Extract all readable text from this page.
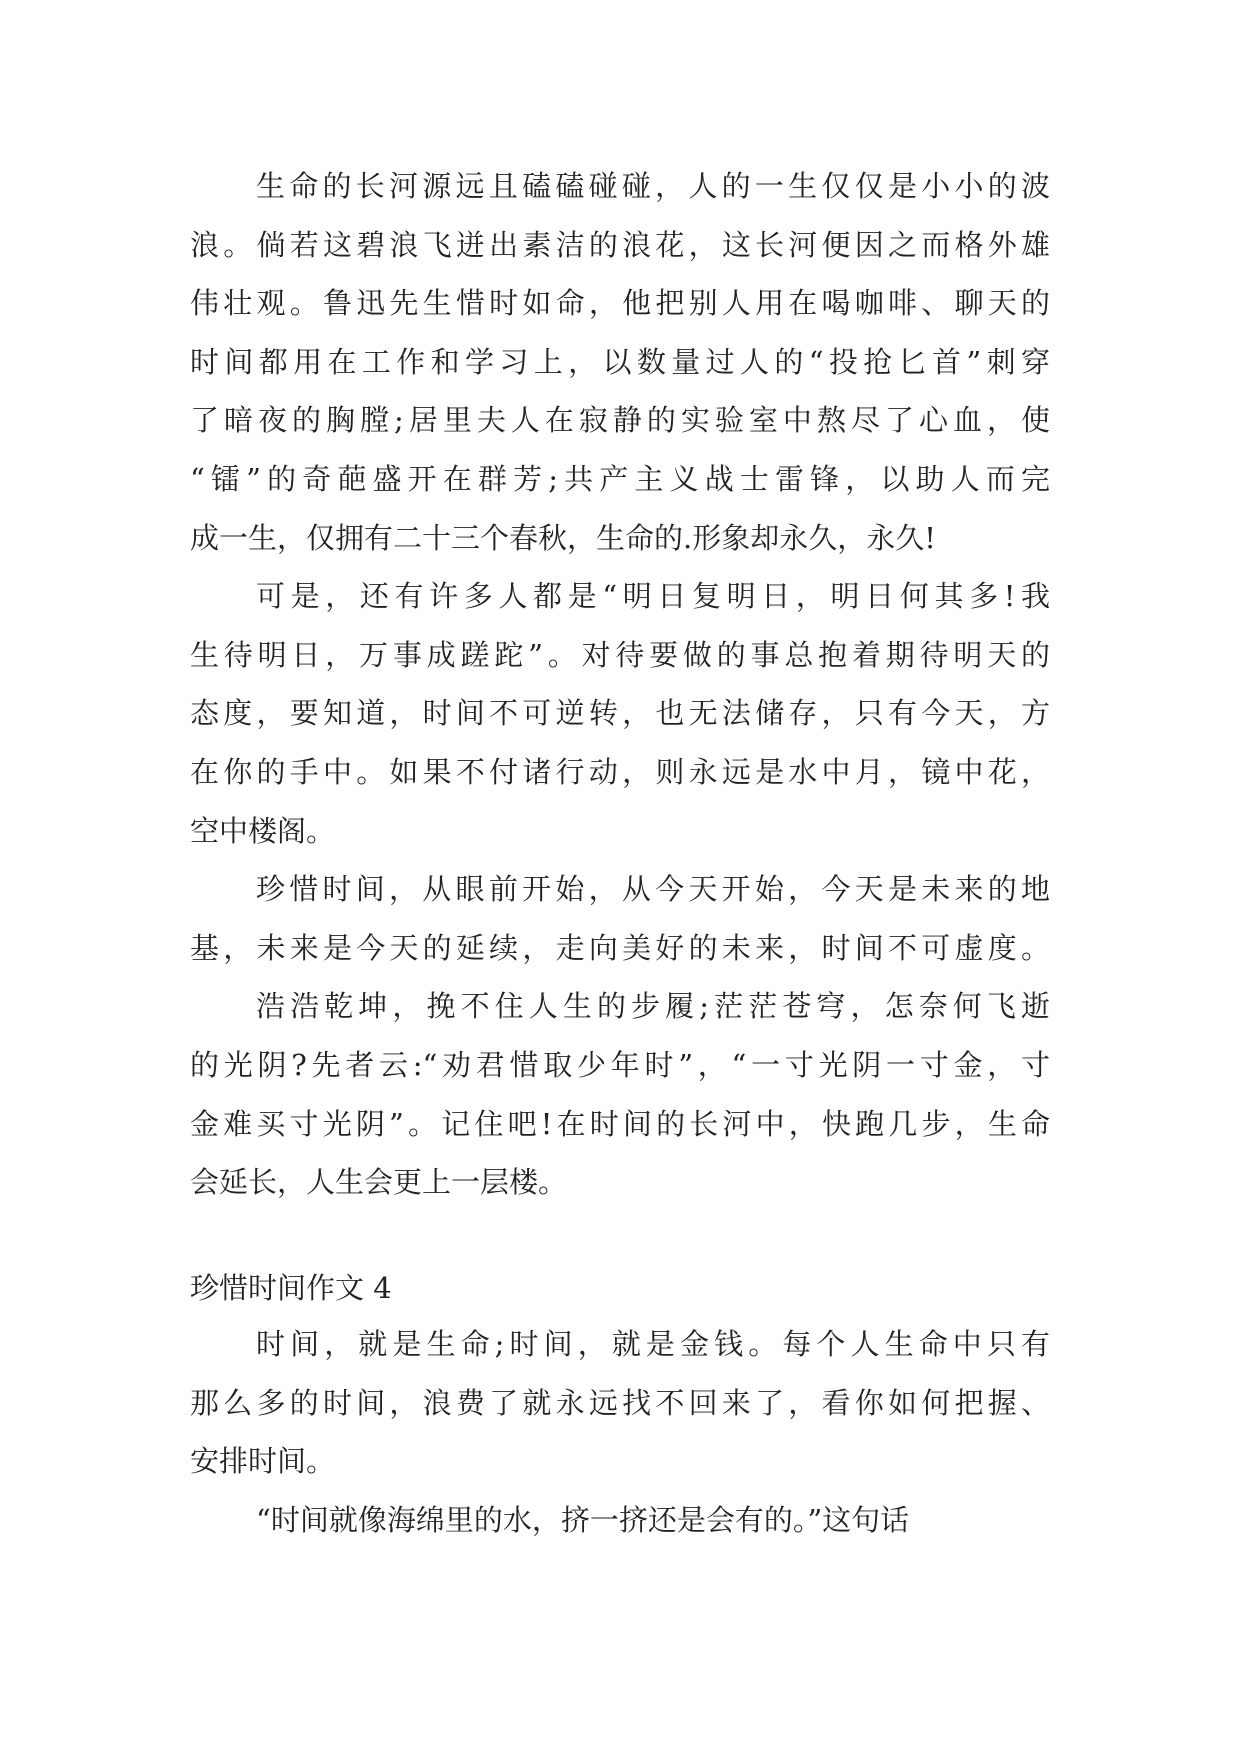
生命的长河源远且磕磕碰碰，人的一生仅仅是小小的波
浪。倘若这碧浪飞迸出素洁的浪花，这长河便因之而格外雄
伟壮观。鲁迅先生惜时如命，他把别人用在喝咖啡、聊天的
时间都用在工作和学习上，以数量过人的“投抢匕首”刺穿
了暗夜的胸膛;居里夫人在寂静的实验室中熬尽了心血，使
“镭”的奇葩盛开在群芳;共产主义战士雷锋，以助人而完
成一生，仅拥有二十三个春秋，生命的.形象却永久，永久!
可是，还有许多人都是“明日复明日，明日何其多!我
生待明日，万事成蹉跎”。对待要做的事总抱着期待明天的
态度，要知道，时间不可逆转，也无法储存，只有今天，方
在你的手中。如果不付诸行动，则永远是水中月，镜中花，
空中楼阁。
珍惜时间，从眼前开始，从今天开始，今天是未来的地
基，未来是今天的延续，走向美好的未来，时间不可虚度。
浩浩乾坤，挽不住人生的步履;茫茫苍穹，怎奈何飞逝
的光阴?先者云:“劝君惜取少年时”，“一寸光阴一寸金，寸
金难买寸光阴”。记住吧!在时间的长河中，快跑几步，生命
会延长，人生会更上一层楼。
珍惜时间作文 4
时间，就是生命;时间，就是金钱。每个人生命中只有
那么多的时间，浪费了就永远找不回来了，看你如何把握、
安排时间。
“时间就像海绵里的水，挤一挤还是会有的。”这句话
